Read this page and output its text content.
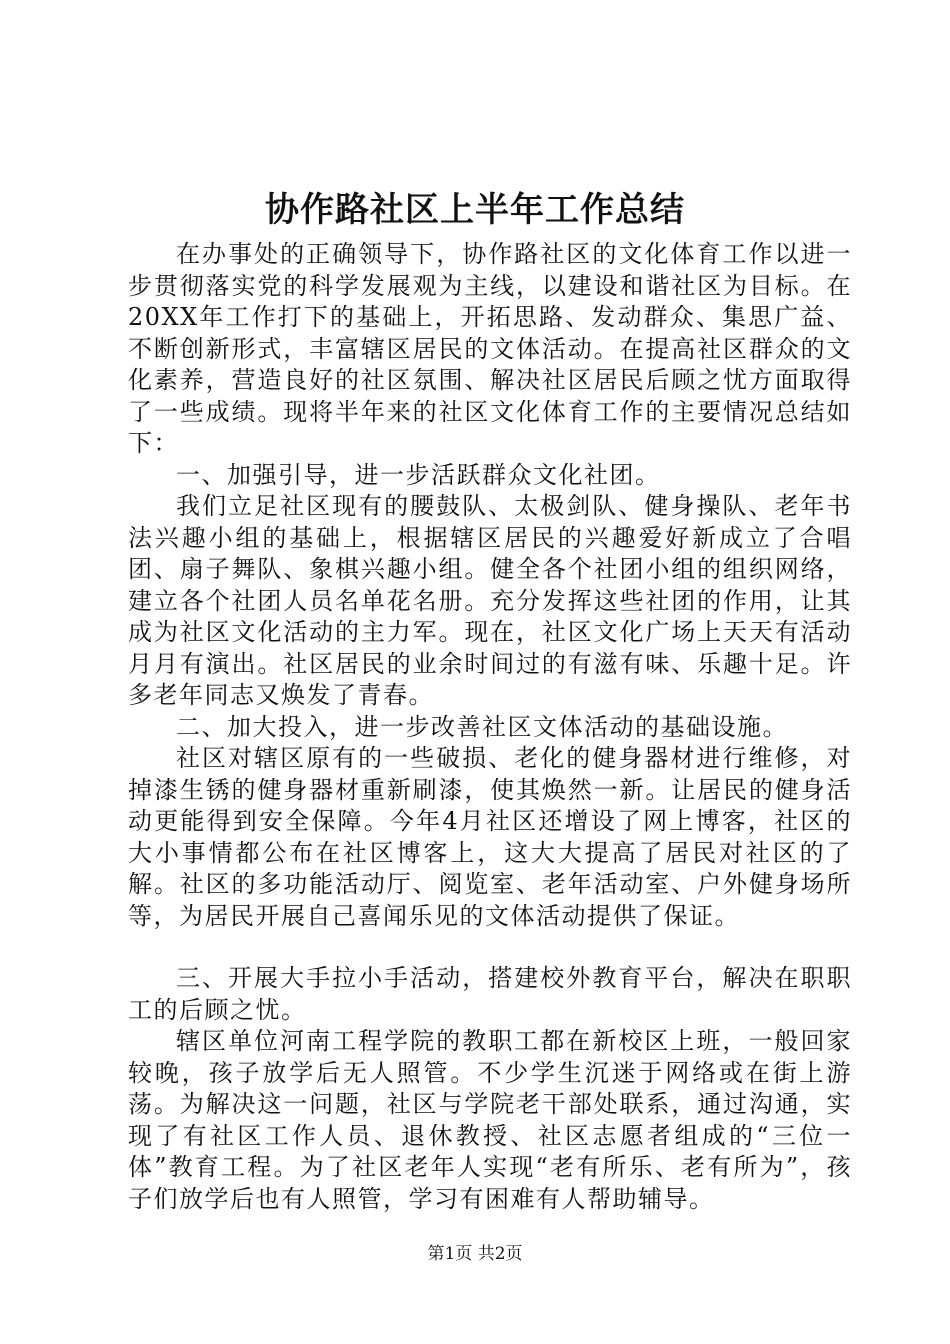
协作路社区上半年工作总结

在办事处的正确领导下，协作路社区的文化体育工作以进一步贯彻落实党的科学发展观为主线，以建设和谐社区为目标。在20XX年工作打下的基础上，开拓思路、发动群众、集思广益、不断创新形式，丰富辖区居民的文体活动。在提高社区群众的文化素养，营造良好的社区氛围、解决社区居民后顾之忧方面取得了一些成绩。现将半年来的社区文化体育工作的主要情况总结如下：

一、加强引导，进一步活跃群众文化社团。

我们立足社区现有的腰鼓队、太极剑队、健身操队、老年书法兴趣小组的基础上，根据辖区居民的兴趣爱好新成立了合唱团、扇子舞队、象棋兴趣小组。健全各个社团小组的组织网络，建立各个社团人员名单花名册。充分发挥这些社团的作用，让其成为社区文化活动的主力军。现在，社区文化广场上天天有活动月月有演出。社区居民的业余时间过的有滋有味、乐趣十足。许多老年同志又焕发了青春。

二、加大投入，进一步改善社区文体活动的基础设施。

社区对辖区原有的一些破损、老化的健身器材进行维修，对掉漆生锈的健身器材重新刷漆，使其焕然一新。让居民的健身活动更能得到安全保障。今年4月社区还增设了网上博客，社区的大小事情都公布在社区博客上，这大大提高了居民对社区的了解。社区的多功能活动厅、阅览室、老年活动室、户外健身场所等，为居民开展自己喜闻乐见的文体活动提供了保证。

三、开展大手拉小手活动，搭建校外教育平台，解决在职职工的后顾之忧。

辖区单位河南工程学院的教职工都在新校区上班，一般回家较晚，孩子放学后无人照管。不少学生沉迷于网络或在街上游荡。为解决这一问题，社区与学院老干部处联系，通过沟通，实现了有社区工作人员、退休教授、社区志愿者组成的“三位一体”教育工程。为了社区老年人实现“老有所乐、老有所为”，孩子们放学后也有人照管，学习有困难有人帮助辅导。

第1页 共2页
